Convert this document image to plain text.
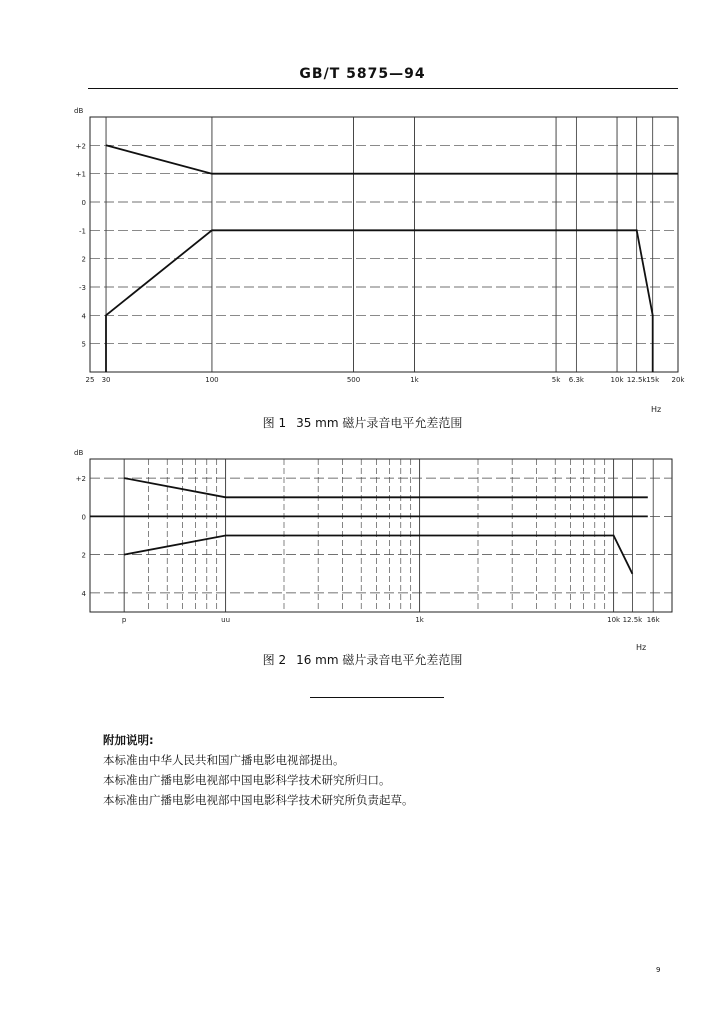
GB/T 5875—94
+2
+1
0
-1
2
-3
4
5
25 30	100	500	1k	5k 6.3k	10k 12.5k 15k 20k
dB
Hz
图 1 35 mm 磁片录音电平允差范围
+2
0
2
4
p	uu	1k	10k 12.5k 16k
dB
Hz
图 2 16 mm 磁片录音电平允差范围
附加说明:
本标准由中华人民共和国广播电影电视部提出。
本标准由广播电影电视部中国电影科学技术研究所归口。
本标准由广播电影电视部中国电影科学技术研究所负责起草。
9
